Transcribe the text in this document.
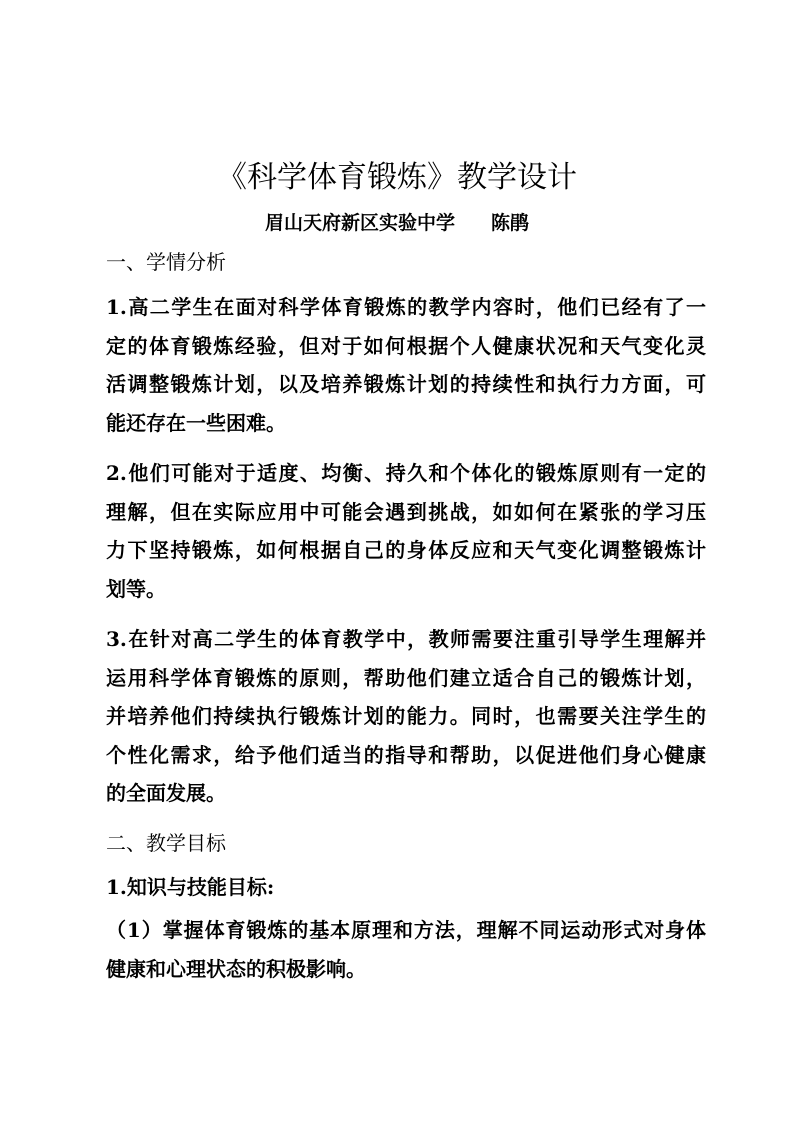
《科学体育锻炼》教学设计
眉山天府新区实验中学 陈鹃
一、学情分析
1.高二学生在面对科学体育锻炼的教学内容时，他们已经有了一
定的体育锻炼经验，但对于如何根据个人健康状况和天气变化灵
活调整锻炼计划，以及培养锻炼计划的持续性和执行力方面，可
能还存在一些困难。
2.他们可能对于适度、均衡、持久和个体化的锻炼原则有一定的
理解，但在实际应用中可能会遇到挑战，如如何在紧张的学习压
力下坚持锻炼，如何根据自己的身体反应和天气变化调整锻炼计
划等。
3.在针对高二学生的体育教学中，教师需要注重引导学生理解并
运用科学体育锻炼的原则，帮助他们建立适合自己的锻炼计划，
并培养他们持续执行锻炼计划的能力。同时，也需要关注学生的
个性化需求，给予他们适当的指导和帮助，以促进他们身心健康
的全面发展。
二、教学目标
1.知识与技能目标:
（1）掌握体育锻炼的基本原理和方法，理解不同运动形式对身体
健康和心理状态的积极影响。
